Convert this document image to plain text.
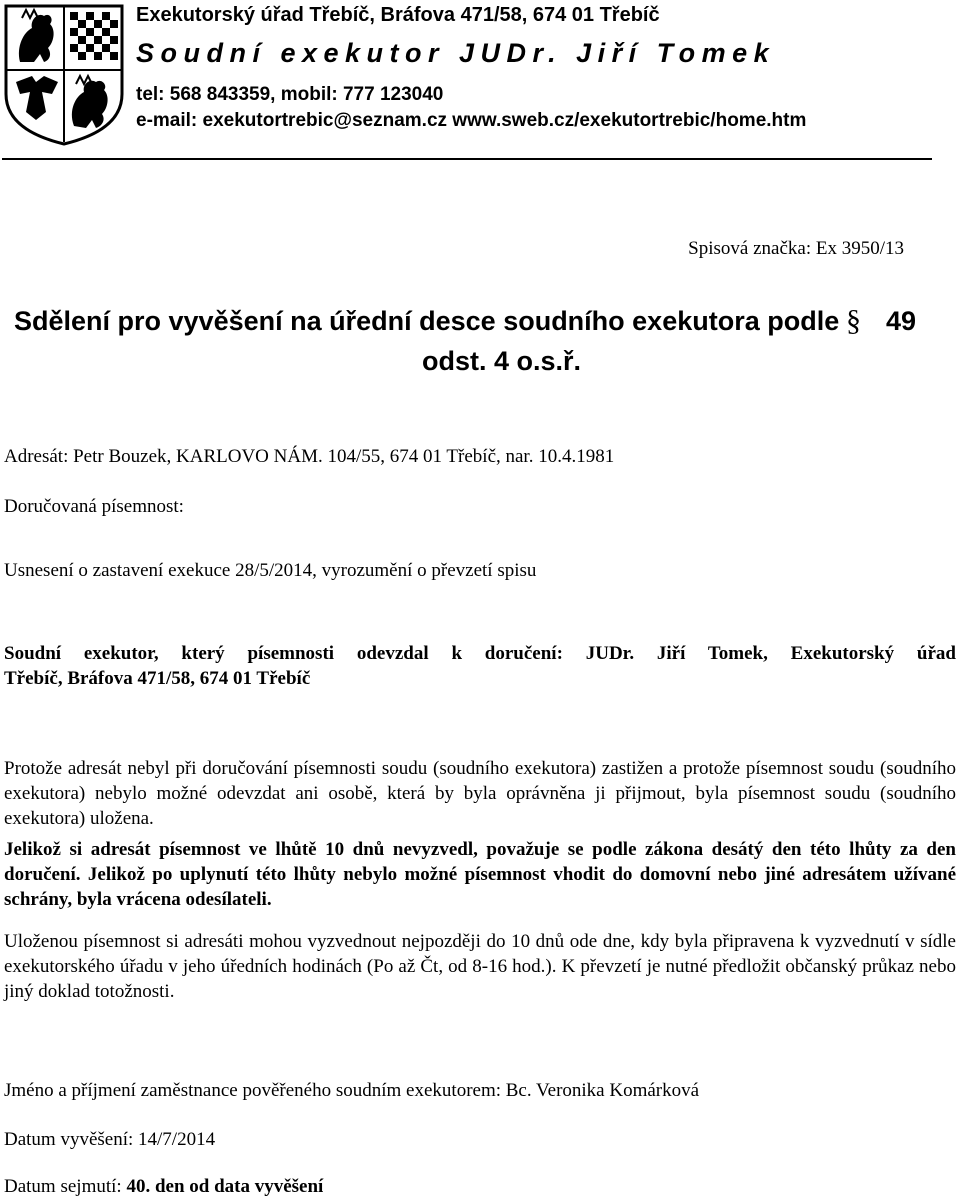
Exekutorský úřad Třebíč, Bráfova 471/58, 674 01 Třebíč
Soudní exekutor JUDr. Jiří Tomek
tel: 568 843359, mobil: 777 123040
e-mail: exekutortrebic@seznam.cz www.sweb.cz/exekutortrebic/home.htm
Spisová značka: Ex 3950/13
Sdělení pro vyvěšení na úřední desce soudního exekutora podle § 49
odst. 4 o.s.ř.
Adresát: Petr Bouzek, KARLOVO NÁM. 104/55, 674 01 Třebíč, nar. 10.4.1981
Doručovaná písemnost:
Usnesení o zastavení exekuce 28/5/2014, vyrozumění o převzetí spisu
Soudní exekutor, který písemnosti odevzdal k doručení: JUDr. Jiří Tomek, Exekutorský úřad
Třebíč, Bráfova 471/58, 674 01 Třebíč
Protože adresát nebyl při doručování písemnosti soudu (soudního exekutora) zastižen a protože písemnost soudu (soudního exekutora) nebylo možné odevzdat ani osobě, která by byla oprávněna ji přijmout, byla písemnost soudu (soudního exekutora) uložena.
Jelikož si adresát písemnost ve lhůtě 10 dnů nevyzvedl, považuje se podle zákona desátý den této lhůty za den doručení. Jelikož po uplynutí této lhůty nebylo možné písemnost vhodit do domovní nebo jiné adresátem užívané schrány, byla vrácena odesílateli.
Uloženou písemnost si adresáti mohou vyzvednout nejpozději do 10 dnů ode dne, kdy byla připravena k vyzvednutí v sídle exekutorského úřadu v jeho úředních hodinách (Po až Čt, od 8-16 hod.). K převzetí je nutné předložit občanský průkaz nebo jiný doklad totožnosti.
Jméno a příjmení zaměstnance pověřeného soudním exekutorem: Bc. Veronika Komárková
Datum vyvěšení: 14/7/2014
Datum sejmutí: 40. den od data vyvěšení
